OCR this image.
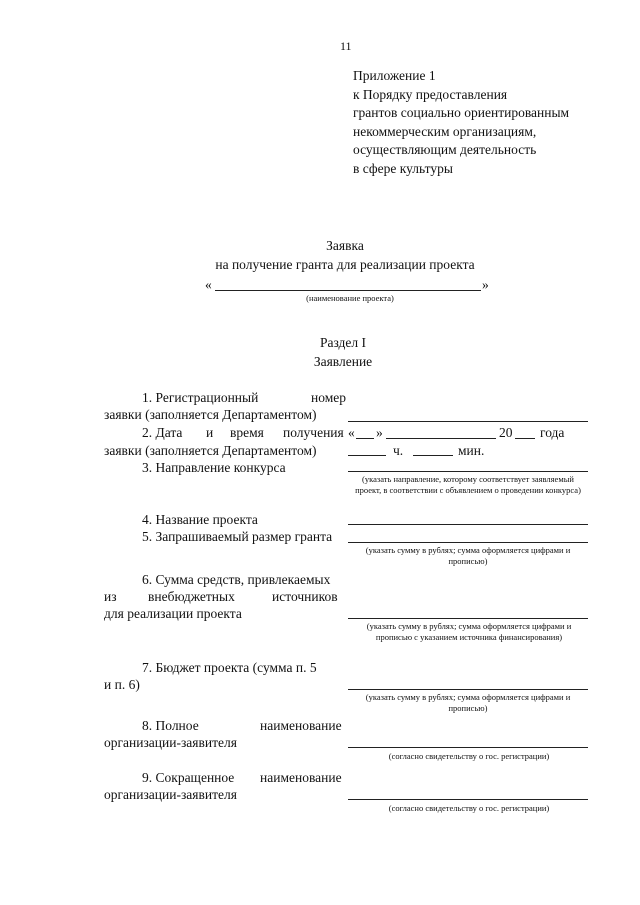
11
Приложение 1
к Порядку предоставления
грантов социально ориентированным
некоммерческим организациям,
осуществляющим деятельность
в сфере культуры
Заявка
на получение гранта для реализации проекта
«	»
(наименование проекта)
Раздел I
Заявление
1. Регистрационный	номер
заявки (заполняется Департаментом)
2. Дата и время получения « »	20 года
заявки (заполняется Департаментом)	ч.	мин.
3. Направление конкурса
(указать направление, которому соответствует заявляемый проект, в соответствии с объявлением о проведении конкурса)
4. Название проекта
5. Запрашиваемый размер гранта
(указать сумму в рублях; сумма оформляется цифрами и прописью)
6. Сумма средств, привлекаемых
из внебюджетных	источников
для реализации проекта
(указать сумму в рублях; сумма оформляется цифрами и прописью с указанием источника финансирования)
7. Бюджет проекта (сумма п. 5
и п. 6)
(указать сумму в рублях; сумма оформляется цифрами и прописью)
8. Полное	наименование
организации-заявителя
(согласно свидетельству о гос. регистрации)
9. Сокращенное наименование
организации-заявителя
(согласно свидетельству о гос. регистрации)
